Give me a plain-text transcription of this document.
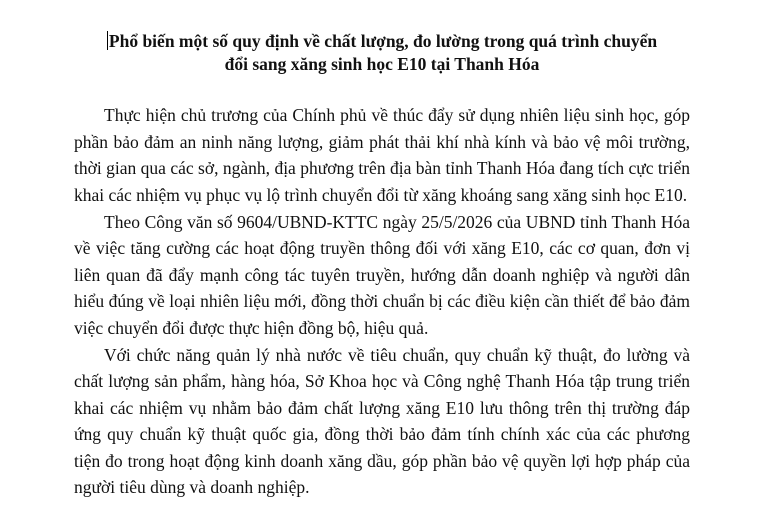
Phổ biến một số quy định về chất lượng, đo lường trong quá trình chuyển
đổi sang xăng sinh học E10 tại Thanh Hóa

Thực hiện chủ trương của Chính phủ về thúc đẩy sử dụng nhiên liệu sinh học, góp phần bảo đảm an ninh năng lượng, giảm phát thải khí nhà kính và bảo vệ môi trường, thời gian qua các sở, ngành, địa phương trên địa bàn tỉnh Thanh Hóa đang tích cực triển khai các nhiệm vụ phục vụ lộ trình chuyển đổi từ xăng khoáng sang xăng sinh học E10.

Theo Công văn số 9604/UBND-KTTC ngày 25/5/2026 của UBND tỉnh Thanh Hóa về việc tăng cường các hoạt động truyền thông đối với xăng E10, các cơ quan, đơn vị liên quan đã đẩy mạnh công tác tuyên truyền, hướng dẫn doanh nghiệp và người dân hiểu đúng về loại nhiên liệu mới, đồng thời chuẩn bị các điều kiện cần thiết để bảo đảm việc chuyển đổi được thực hiện đồng bộ, hiệu quả.

Với chức năng quản lý nhà nước về tiêu chuẩn, quy chuẩn kỹ thuật, đo lường và chất lượng sản phẩm, hàng hóa, Sở Khoa học và Công nghệ Thanh Hóa tập trung triển khai các nhiệm vụ nhằm bảo đảm chất lượng xăng E10 lưu thông trên thị trường đáp ứng quy chuẩn kỹ thuật quốc gia, đồng thời bảo đảm tính chính xác của các phương tiện đo trong hoạt động kinh doanh xăng dầu, góp phần bảo vệ quyền lợi hợp pháp của người tiêu dùng và doanh nghiệp.
